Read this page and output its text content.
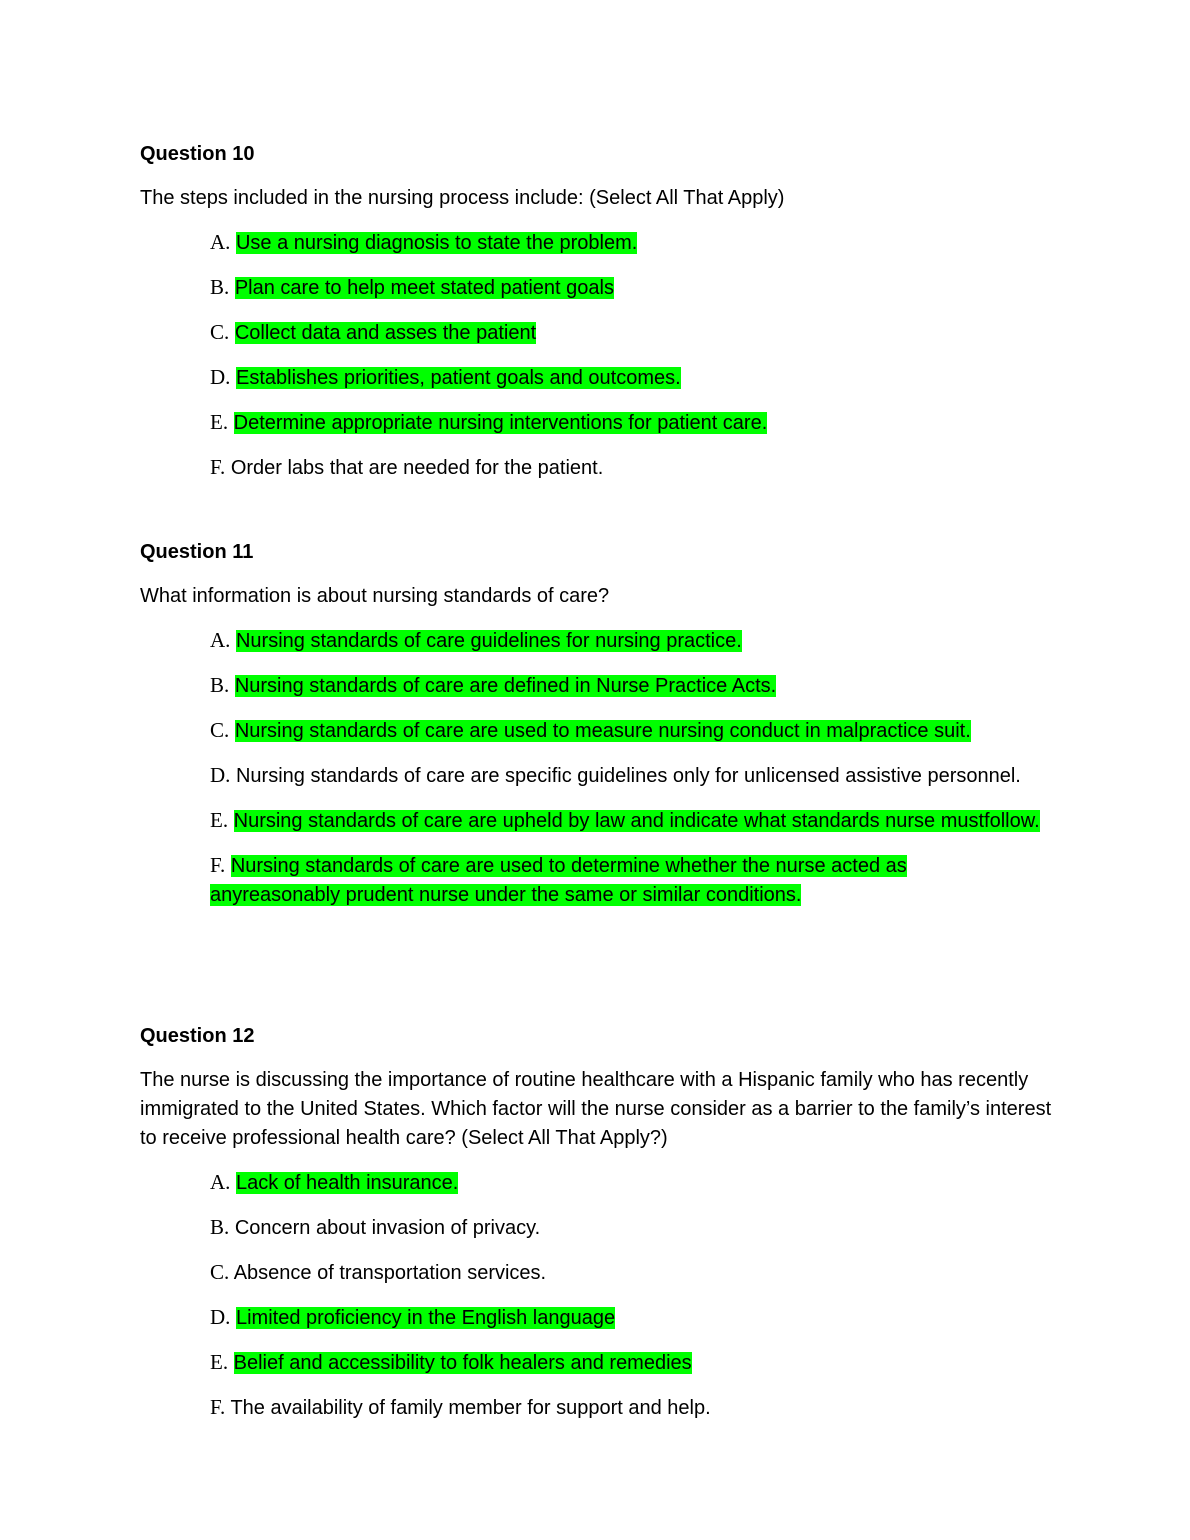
Question 10

The steps included in the nursing process include: (Select All That Apply)

A. Use a nursing diagnosis to state the problem.
B. Plan care to help meet stated patient goals
C. Collect data and asses the patient
D. Establishes priorities, patient goals and outcomes.
E. Determine appropriate nursing interventions for patient care.
F. Order labs that are needed for the patient.
Question 11

What information is about nursing standards of care?

A. Nursing standards of care guidelines for nursing practice.
B. Nursing standards of care are defined in Nurse Practice Acts.
C. Nursing standards of care are used to measure nursing conduct in malpractice suit.
D. Nursing standards of care are specific guidelines only for unlicensed assistive personnel.
E. Nursing standards of care are upheld by law and indicate what standards nurse mustfollow.
F. Nursing standards of care are used to determine whether the nurse acted as anyreasonably prudent nurse under the same or similar conditions.
Question 12

The nurse is discussing the importance of routine healthcare with a Hispanic family who has recently immigrated to the United States. Which factor will the nurse consider as a barrier to the family’s interest to receive professional health care? (Select All That Apply?)

A. Lack of health insurance.
B. Concern about invasion of privacy.
C. Absence of transportation services.
D. Limited proficiency in the English language
E. Belief and accessibility to folk healers and remedies
F. The availability of family member for support and help.
